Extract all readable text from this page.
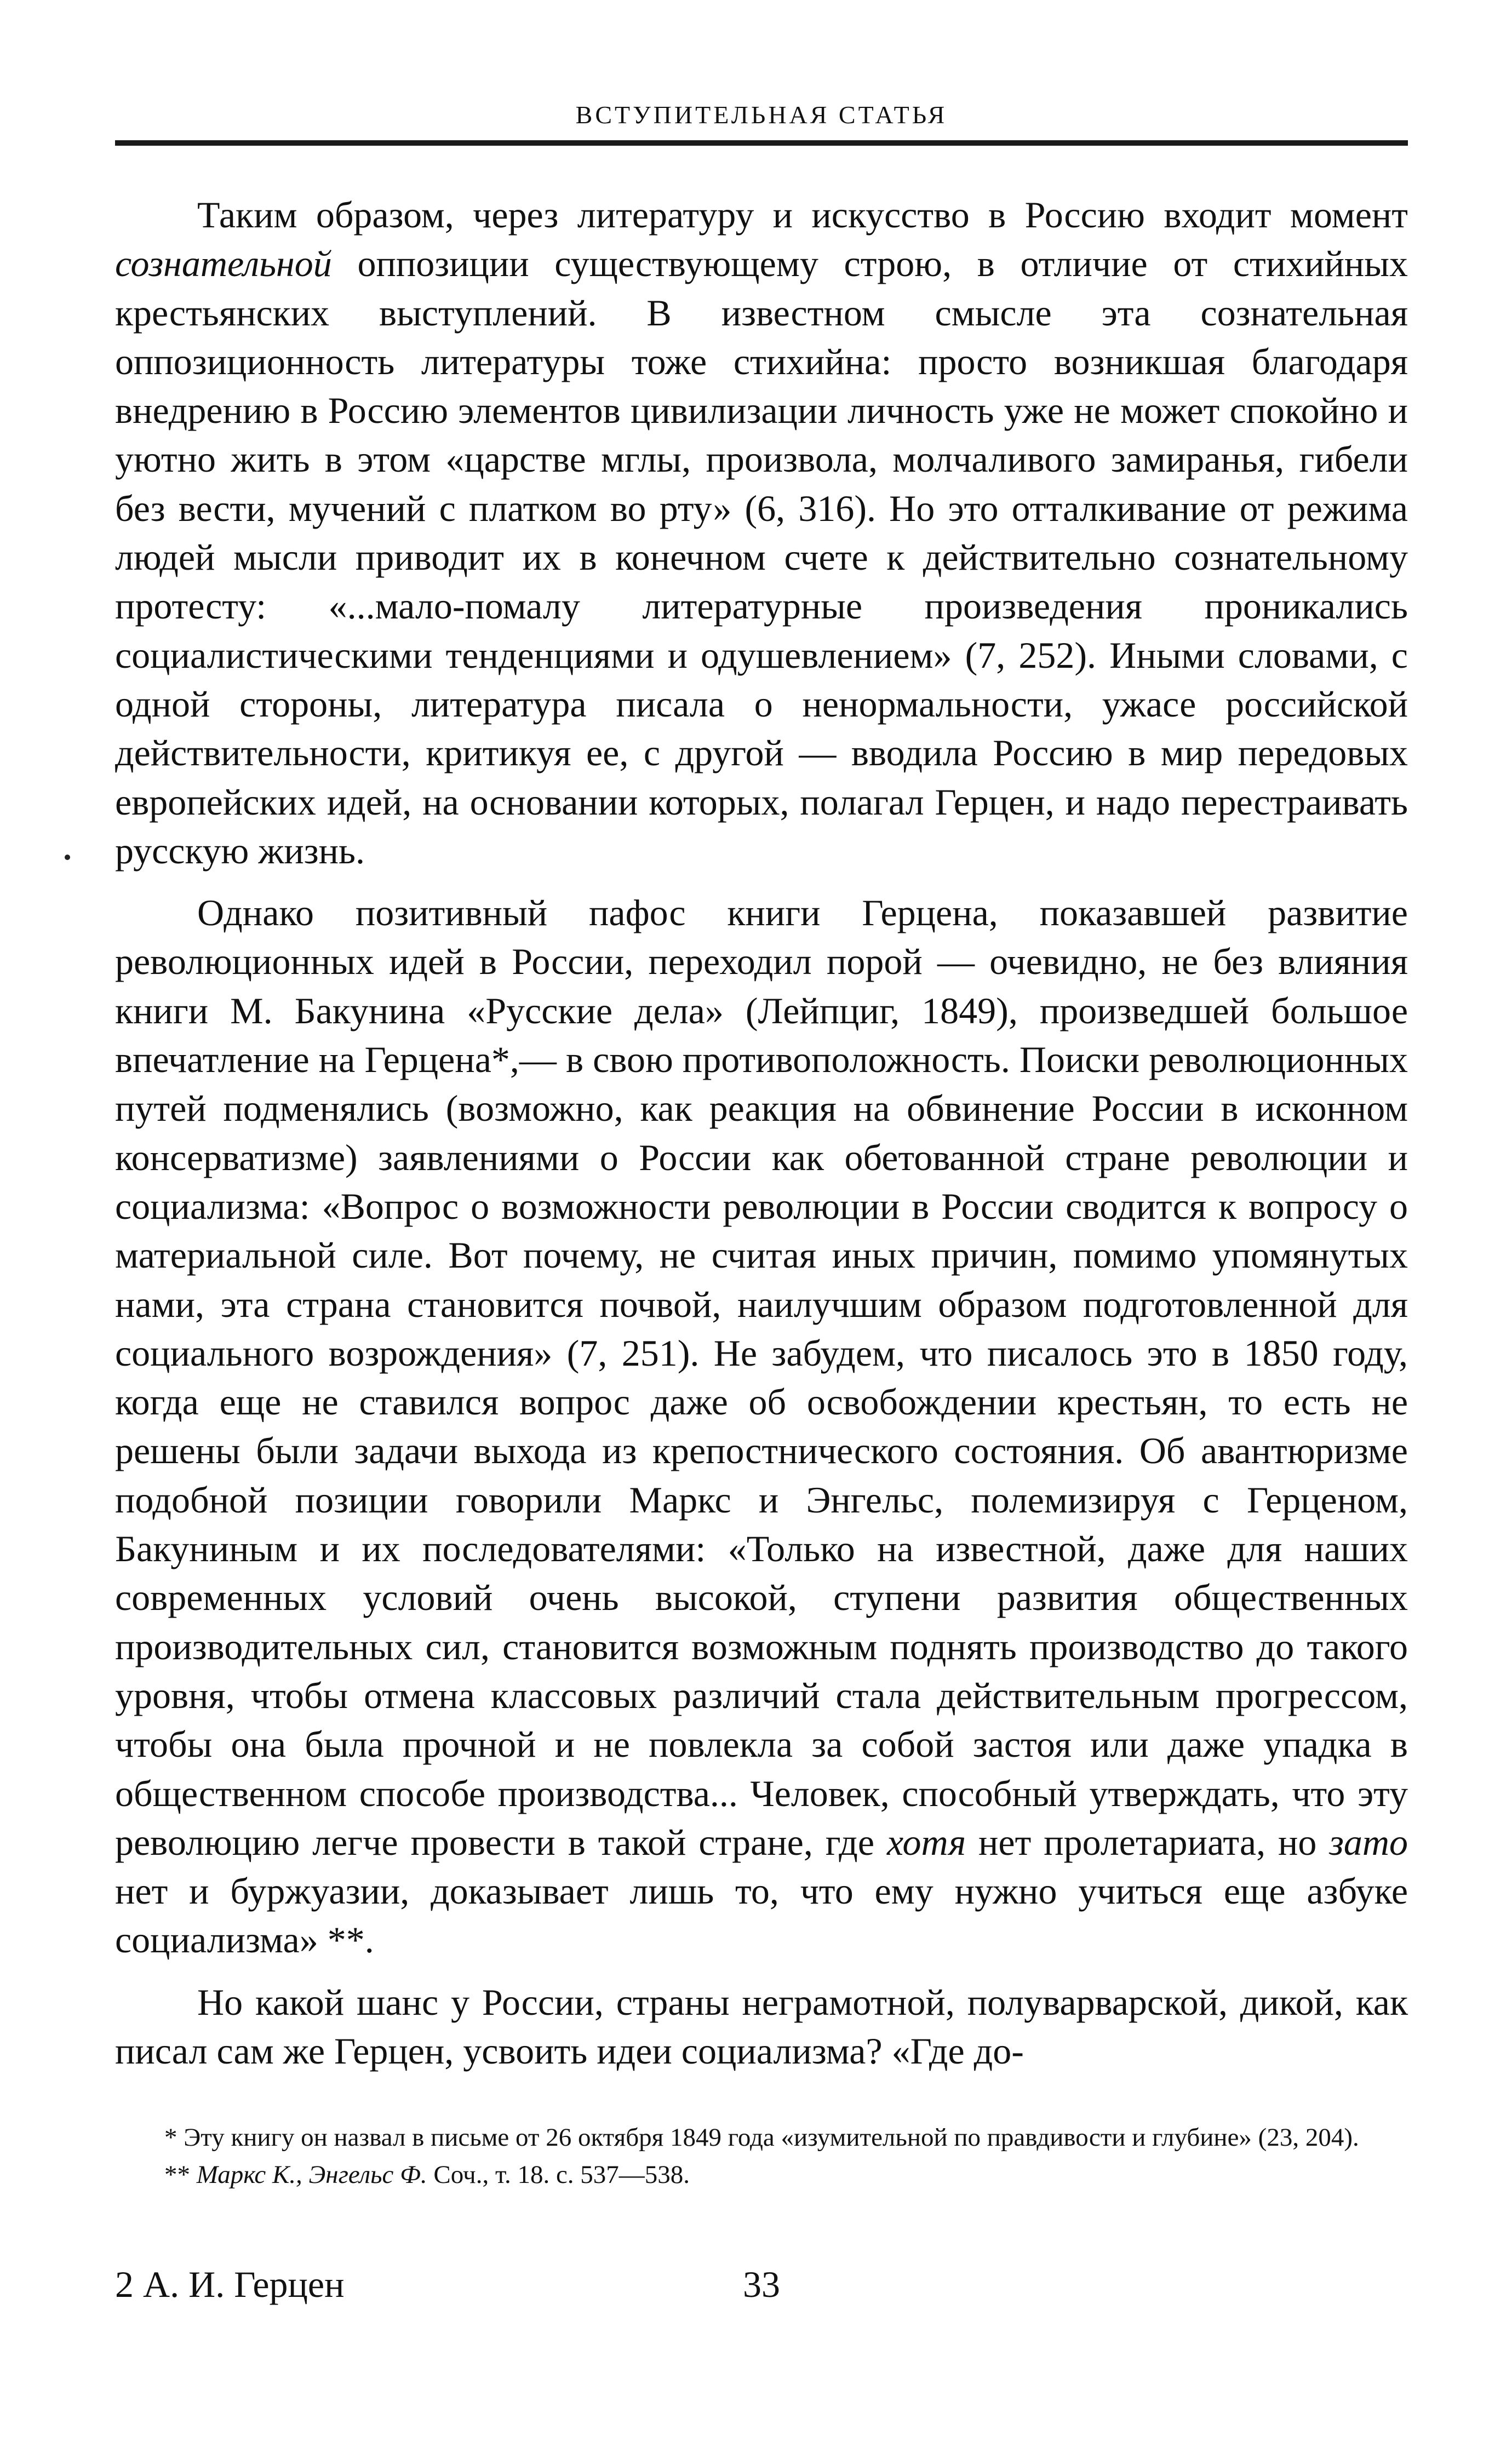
ВСТУПИТЕЛЬНАЯ СТАТЬЯ

Таким образом, через литературу и искусство в Россию входит момент сознательной оппозиции существующему строю, в отличие от стихийных крестьянских выступлений. В известном смысле эта сознательная оппозиционность литературы тоже стихийна: просто возникшая благодаря внедрению в Россию элементов цивилизации личность уже не может спокойно и уютно жить в этом «царстве мглы, произвола, молчаливого замиранья, гибели без вести, мучений с платком во рту» (6, 316). Но это отталкивание от режима людей мысли приводит их в конечном счете к действительно сознательному протесту: «...мало-помалу литературные произведения проникались социалистическими тенденциями и одушевлением» (7, 252). Иными словами, с одной стороны, литература писала о ненормальности, ужасе российской действительности, критикуя ее, с другой — вводила Россию в мир передовых европейских идей, на основании которых, полагал Герцен, и надо перестраивать русскую жизнь.

Однако позитивный пафос книги Герцена, показавшей развитие революционных идей в России, переходил порой — очевидно, не без влияния книги М. Бакунина «Русские дела» (Лейпциг, 1849), произведшей большое впечатление на Герцена*,— в свою противоположность. Поиски революционных путей подменялись (возможно, как реакция на обвинение России в исконном консерватизме) заявлениями о России как обетованной стране революции и социализма: «Вопрос о возможности революции в России сводится к вопросу о материальной силе. Вот почему, не считая иных причин, помимо упомянутых нами, эта страна становится почвой, наилучшим образом подготовленной для социального возрождения» (7, 251). Не забудем, что писалось это в 1850 году, когда еще не ставился вопрос даже об освобождении крестьян, то есть не решены были задачи выхода из крепостнического состояния. Об авантюризме подобной позиции говорили Маркс и Энгельс, полемизируя с Герценом, Бакуниным и их последователями: «Только на известной, даже для наших современных условий очень высокой, ступени развития общественных производительных сил, становится возможным поднять производство до такого уровня, чтобы отмена классовых различий стала действительным прогрессом, чтобы она была прочной и не повлекла за собой застоя или даже упадка в общественном способе производства... Человек, способный утверждать, что эту революцию легче провести в такой стране, где хотя нет пролетариата, но зато нет и буржуазии, доказывает лишь то, что ему нужно учиться еще азбуке социализма» **.

Но какой шанс у России, страны неграмотной, полуварварской, дикой, как писал сам же Герцен, усвоить идеи социализма? «Где до-

* Эту книгу он назвал в письме от 26 октября 1849 года «изумительной по правдивости и глубине» (23, 204).

** Маркс К., Энгельс Ф. Соч., т. 18. с. 537—538.

2 А. И. Герцен	33
